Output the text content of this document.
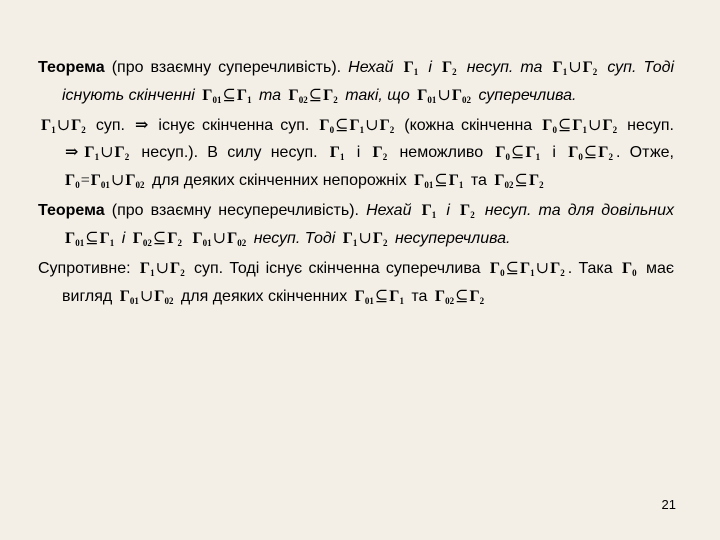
Теорема (про взаємну суперечливість). Нехай $\Gamma_1$ і $\Gamma_2$ несуп. та $\Gamma_1\cup\Gamma_2$ суп. Тоді існують скінченні $\Gamma_{01}⊆\Gamma_1$ та $\Gamma_{02}⊆\Gamma_2$ такі, що $\Gamma_{01}\cup\Gamma_{02}$ суперечлива.
$\Gamma_1\cup\Gamma_2$ суп. ⇒ існує скінченна суп. $\Gamma_0⊆\Gamma_1\cup\Gamma_2$ (кожна скінченна $\Gamma_0⊆\Gamma_1\cup\Gamma_2$ несуп. ⇒ $\Gamma_1\cup\Gamma_2$ несуп.). В силу несуп. $\Gamma_1$ і $\Gamma_2$ неможливо $\Gamma_0⊆\Gamma_1$ і $\Gamma_0⊆\Gamma_2$ . Отже, $\Gamma_0=\Gamma_{01}\cup\Gamma_{02}$ для деяких скінченних непорожніх $\Gamma_{01}⊆\Gamma_1$ та $\Gamma_{02}⊆\Gamma_2$
Теорема (про взаємну несуперечливість). Нехай $\Gamma_1$ і $\Gamma_2$ несуп. та для довільних $\Gamma_{01}⊆\Gamma_1$ і $\Gamma_{02}⊆\Gamma_2$ $\Gamma_{01}\cup\Gamma_{02}$ несуп. Тоді $\Gamma_1\cup\Gamma_2$ несуперечлива.
Супротивне: $\Gamma_1\cup\Gamma_2$ суп. Тоді існує скінченна суперечлива $\Gamma_0⊆\Gamma_1\cup\Gamma_2$ . Така $\Gamma_0$ має вигляд $\Gamma_{01}\cup\Gamma_{02}$ для деяких скінченних $\Gamma_{01}⊆\Gamma_1$ та $\Gamma_{02}⊆\Gamma_2$
21
